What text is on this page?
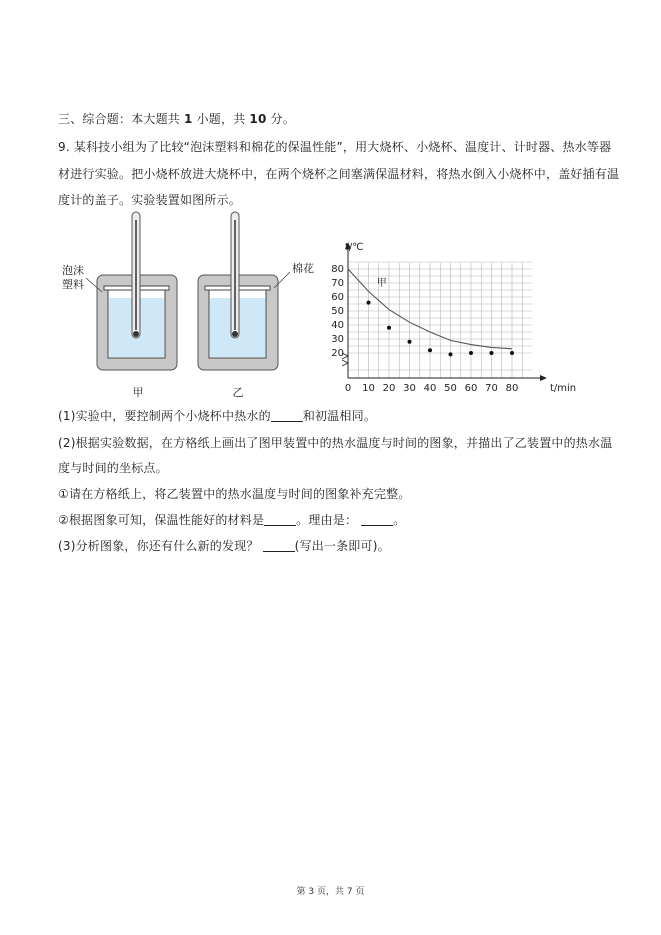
三、综合题：本大题共 1 小题，共 10 分。
9. 某科技小组为了比较“泡沫塑料和棉花的保温性能”，用大烧杯、小烧杯、温度计、计时器、热水等器
材进行实验。把小烧杯放进大烧杯中，在两个烧杯之间塞满保温材料，将热水倒入小烧杯中，盖好插有温
度计的盖子。实验装置如图所示。
泡沫
塑料
甲
棉花
乙	0 10 20 30 40 50 60 70 80
20
30
40
50
60
70
80
t/℃
t/min
甲
(1)实验中，要控制两个小烧杯中热水的	和初温相同。
(2)根据实验数据，在方格纸上画出了图甲装置中的热水温度与时间的图象，并描出了乙装置中的热水温
度与时间的坐标点。
①请在方格纸上，将乙装置中的热水温度与时间的图象补充完整。
②根据图象可知，保温性能好的材料是	。理由是：	。
(3)分析图象，你还有什么新的发现？	(写出一条即可)。
第 3 页，共 7 页
